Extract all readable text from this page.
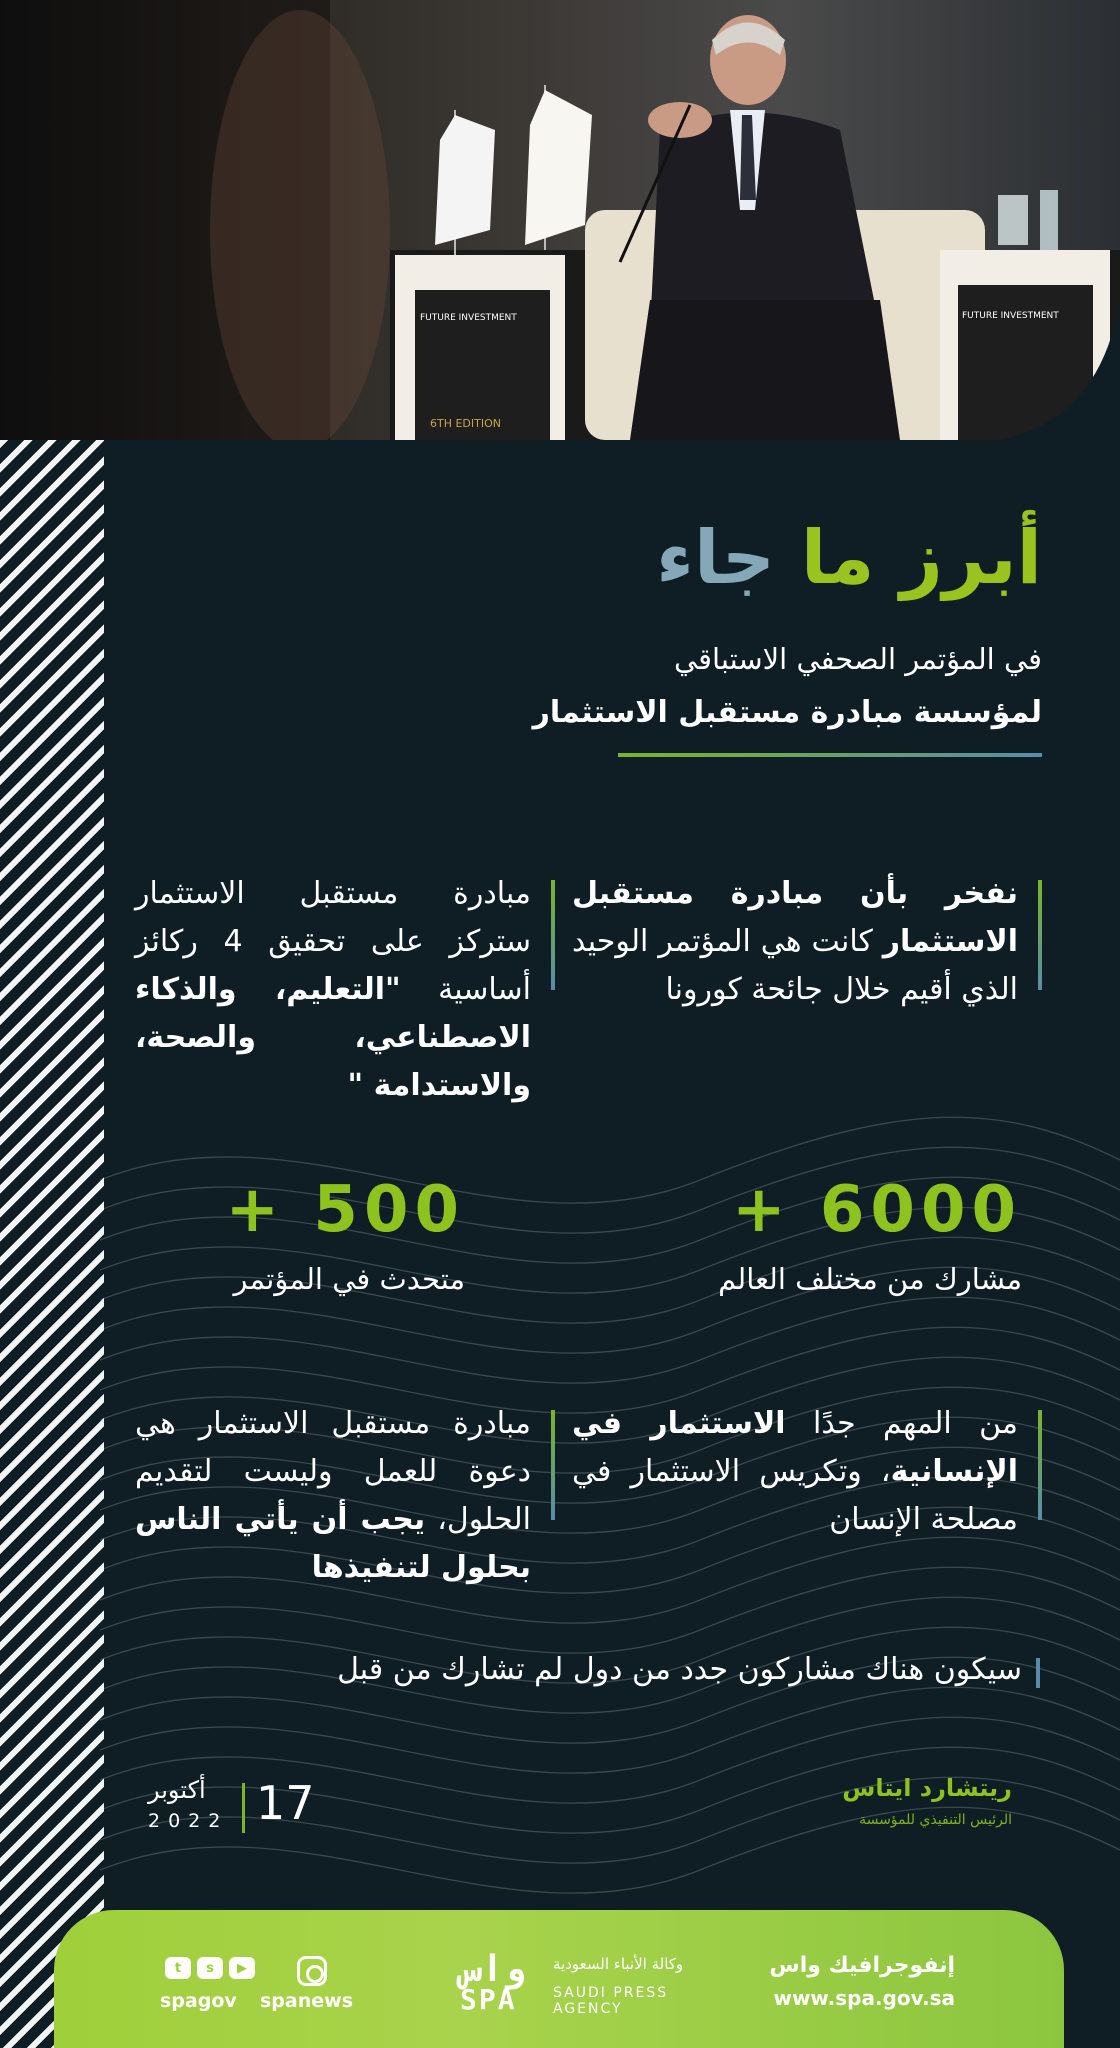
FUTURE INVESTMENT
6TH EDITION
FUTURE INVESTMENT
أبرز ما جاء
في المؤتمر الصحفي الاستباقي
لمؤسسة مبادرة مستقبل الاستثمار
نفخر بأن مبادرة مستقبل الاستثمار كانت هي المؤتمر الوحيد الذي أقيم خلال جائحة كورونا
مبادرة مستقبل الاستثمار ستركز على تحقيق 4 ركائز أساسية "التعليم، والذكاء الاصطناعي، والصحة، والاستدامة "
+ 6000
مشارك من مختلف العالم
+ 500
متحدث في المؤتمر
من المهم جدًا الاستثمار في الإنسانية، وتكريس الاستثمار في مصلحة الإنسان
مبادرة مستقبل الاستثمار هي دعوة للعمل وليست لتقديم الحلول، يجب أن يأتي الناس بحلول لتنفيذها
سيكون هناك مشاركون جدد من دول لم تشارك من قبل
ريتشارد ايتاس
الرئيس التنفيذي للمؤسسة
17
أكتوبر
2022
t	s	▶
spagov spanews
واس
SPA
وكالة الأنباء السعودية
SAUDI PRESS
AGENCY
إنفوجرافيك واس
www.spa.gov.sa
